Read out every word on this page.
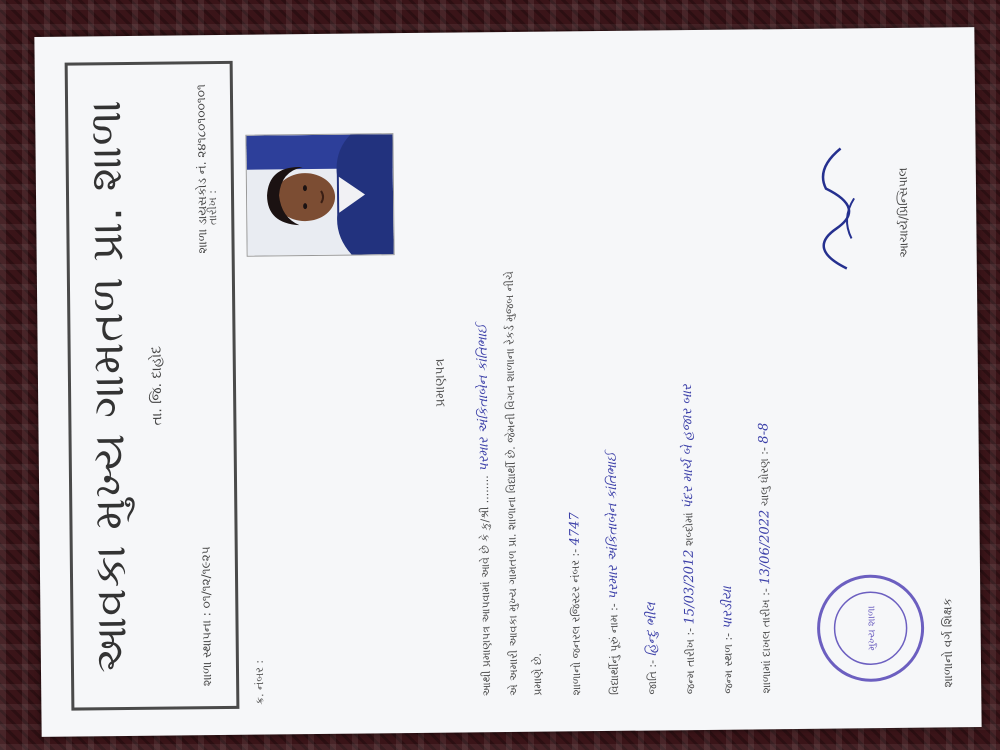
આવકા મુખ્ય ગામતળ પ્રા. શાળા તા. જિ. દાહોદ
શાળા સ્થાપના : ૦૧/૧૨/૧૯૨૫
શાળા ડાયસકોડ નં. ૨૪૧૮૦૧૦૦૧૦૧
ક્ર. નંબર :
તારીખ :
પ્રમાણપત્ર
આથી પ્રમાણપત્ર આપવામાં આવે છે કે કુ/શ્રી ........ પરમાર અંકિતાબેન કાંતિભાઈ એ અમારી આવકા મુખ્ય ગામતળ પ્રા. શાળાના વિદ્યાર્થી છે. જેમની વિગત શાળાના રેકર્ડ મુજબ નીચે પ્રમાણે છે.	શાળાનો જનરલ રજિસ્ટર નંબર :- 4747
વિદ્યાર્થીનું પૂરું નામ :- પરમાર અંકિતાબેન કાંતિભાઈ
જાતિ :- હિન્દુ ભીલ	જન્મ તારીખ :- 15/03/2012 શબ્દોમાં પંદર માર્ચ બે હજાર બાર
જન્મ સ્થળ :- પારડીયા	શાળામાં દાખલ તારીખ :- 13/06/2022 ચાલુ ધોરણ :- 8-8
મુખ્ય શાળા	શાળાનો વર્ગ શિક્ષક
આચાર્ય/પ્રિન્સિપાલ
